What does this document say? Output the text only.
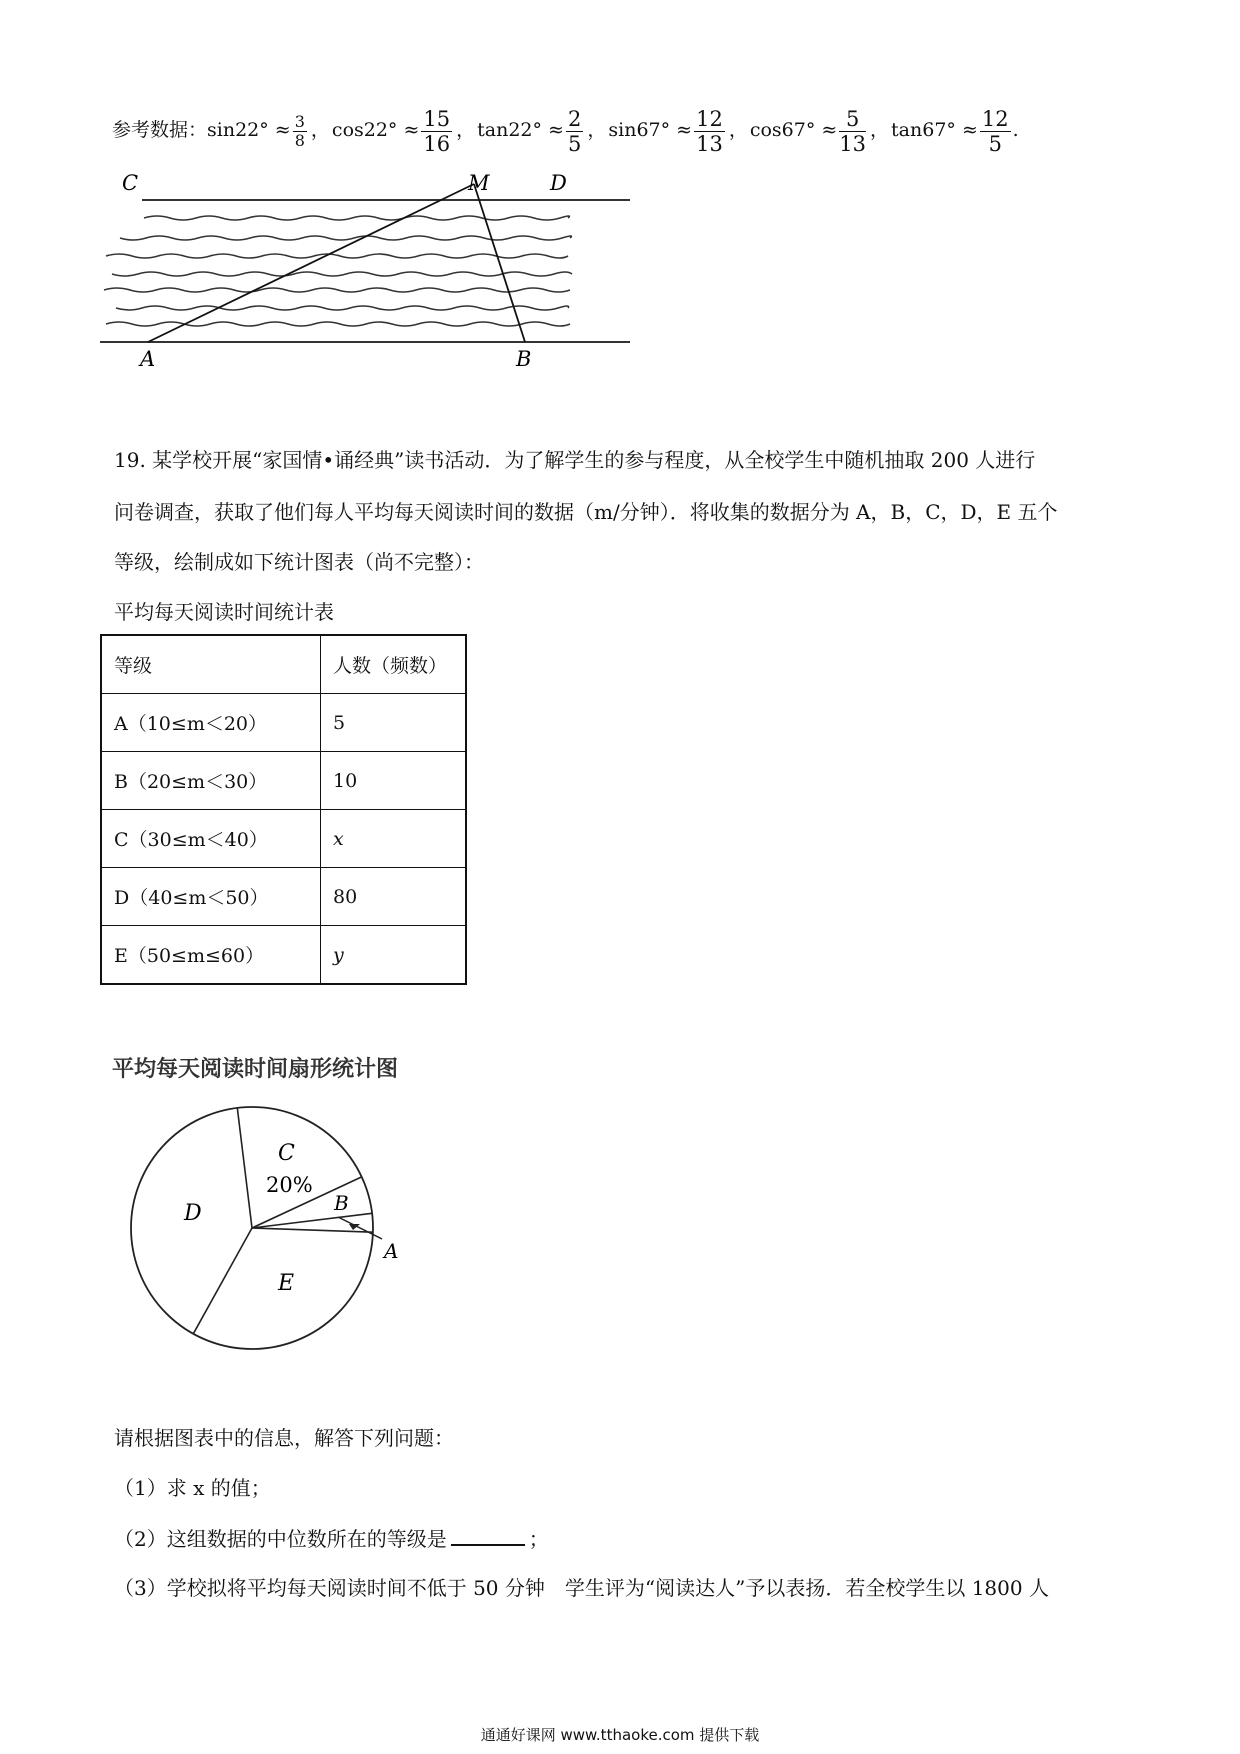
参考数据：$\sin 22^\circ \approx \frac{3}{8}$ ， $\cos 22^\circ \approx \frac{15}{16}$ ， $\tan 22^\circ \approx \frac{2}{5}$ ， $\sin 67^\circ \approx \frac{12}{13}$ ， $\cos 67^\circ \approx \frac{5}{13}$ ， $\tan 67^\circ \approx \frac{12}{5}$ .
C	M	D
A	B
19. 某学校开展“家国情•诵经典”读书活动．为了解学生的参与程度，从全校学生中随机抽取 200 人进行
问卷调查，获取了他们每人平均每天阅读时间的数据（m/分钟）．将收集的数据分为 A，B，C，D，E 五个
等级，绘制成如下统计图表（尚不完整）：
平均每天阅读时间统计表
等级	人数（频数）
A（10≤m＜20）	5
B（20≤m＜30）	10
C（30≤m＜40）	x
D（40≤m＜50）	80
E（50≤m≤60）	y
平均每天阅读时间扇形统计图
C
20%
B
A
D
E
请根据图表中的信息，解答下列问题：
（1）求 x 的值；
（2）这组数据的中位数所在的等级是	；
（3）学校拟将平均每天阅读时间不低于 50 分钟　学生评为“阅读达人”予以表扬．若全校学生以 1800 人
通通好课网 www.tthaoke.com 提供下载
